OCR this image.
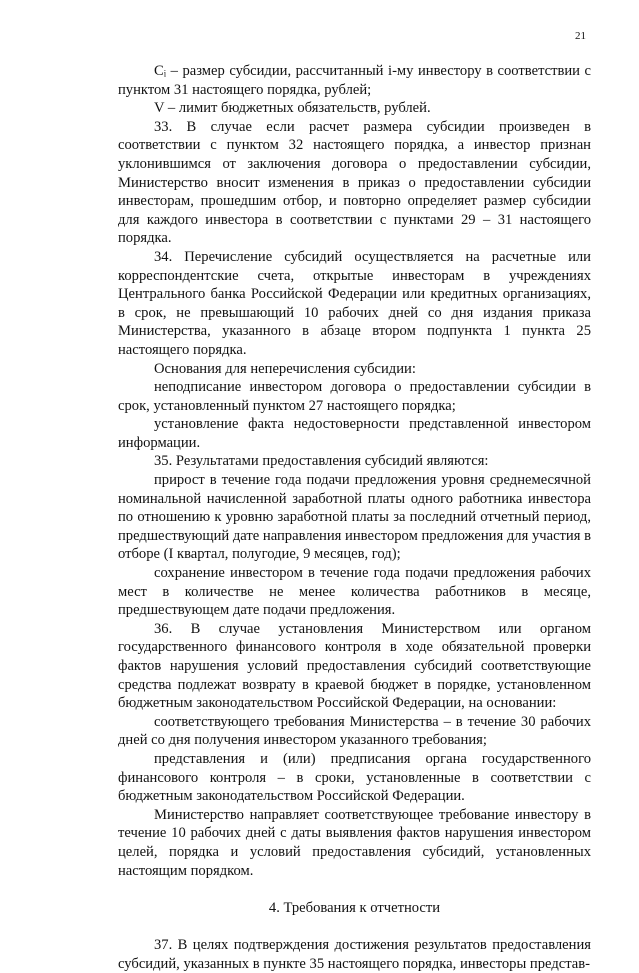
21

Cᵢ – размер субсидии, рассчитанный i-му инвестору в соответствии с пунктом 31 настоящего порядка, рублей;

V – лимит бюджетных обязательств, рублей.

33. В случае если расчет размера субсидии произведен в соответствии с пунктом 32 настоящего порядка, а инвестор признан уклонившимся от заключения договора о предоставлении субсидии, Министерство вносит изменения в приказ о предоставлении субсидии инвесторам, прошедшим отбор, и повторно определяет размер субсидии для каждого инвестора в соответствии с пунктами 29 – 31 настоящего порядка.

34. Перечисление субсидий осуществляется на расчетные или корреспондентские счета, открытые инвесторам в учреждениях Центрального банка Российской Федерации или кредитных организациях, в срок, не превышающий 10 рабочих дней со дня издания приказа Министерства, указанного в абзаце втором подпункта 1 пункта 25 настоящего порядка.

Основания для неперечисления субсидии:

неподписание инвестором договора о предоставлении субсидии в срок, установленный пунктом 27 настоящего порядка;

установление факта недостоверности представленной инвестором информации.

35. Результатами предоставления субсидий являются:

прирост в течение года подачи предложения уровня среднемесячной номинальной начисленной заработной платы одного работника инвестора по отношению к уровню заработной платы за последний отчетный период, предшествующий дате направления инвестором предложения для участия в отборе (I квартал, полугодие, 9 месяцев, год);

сохранение инвестором в течение года подачи предложения рабочих мест в количестве не менее количества работников в месяце, предшествующем дате подачи предложения.

36. В случае установления Министерством или органом государственного финансового контроля в ходе обязательной проверки фактов нарушения условий предоставления субсидий соответствующие средства подлежат возврату в краевой бюджет в порядке, установленном бюджетным законодательством Российской Федерации, на основании:

соответствующего требования Министерства – в течение 30 рабочих дней со дня получения инвестором указанного требования;

представления и (или) предписания органа государственного финансового контроля – в сроки, установленные в соответствии с бюджетным законодательством Российской Федерации.

Министерство направляет соответствующее требование инвестору в течение 10 рабочих дней с даты выявления фактов нарушения инвестором целей, порядка и условий предоставления субсидий, установленных настоящим порядком.

4. Требования к отчетности

37. В целях подтверждения достижения результатов предоставления субсидий, указанных в пункте 35 настоящего порядка, инвесторы представ-
